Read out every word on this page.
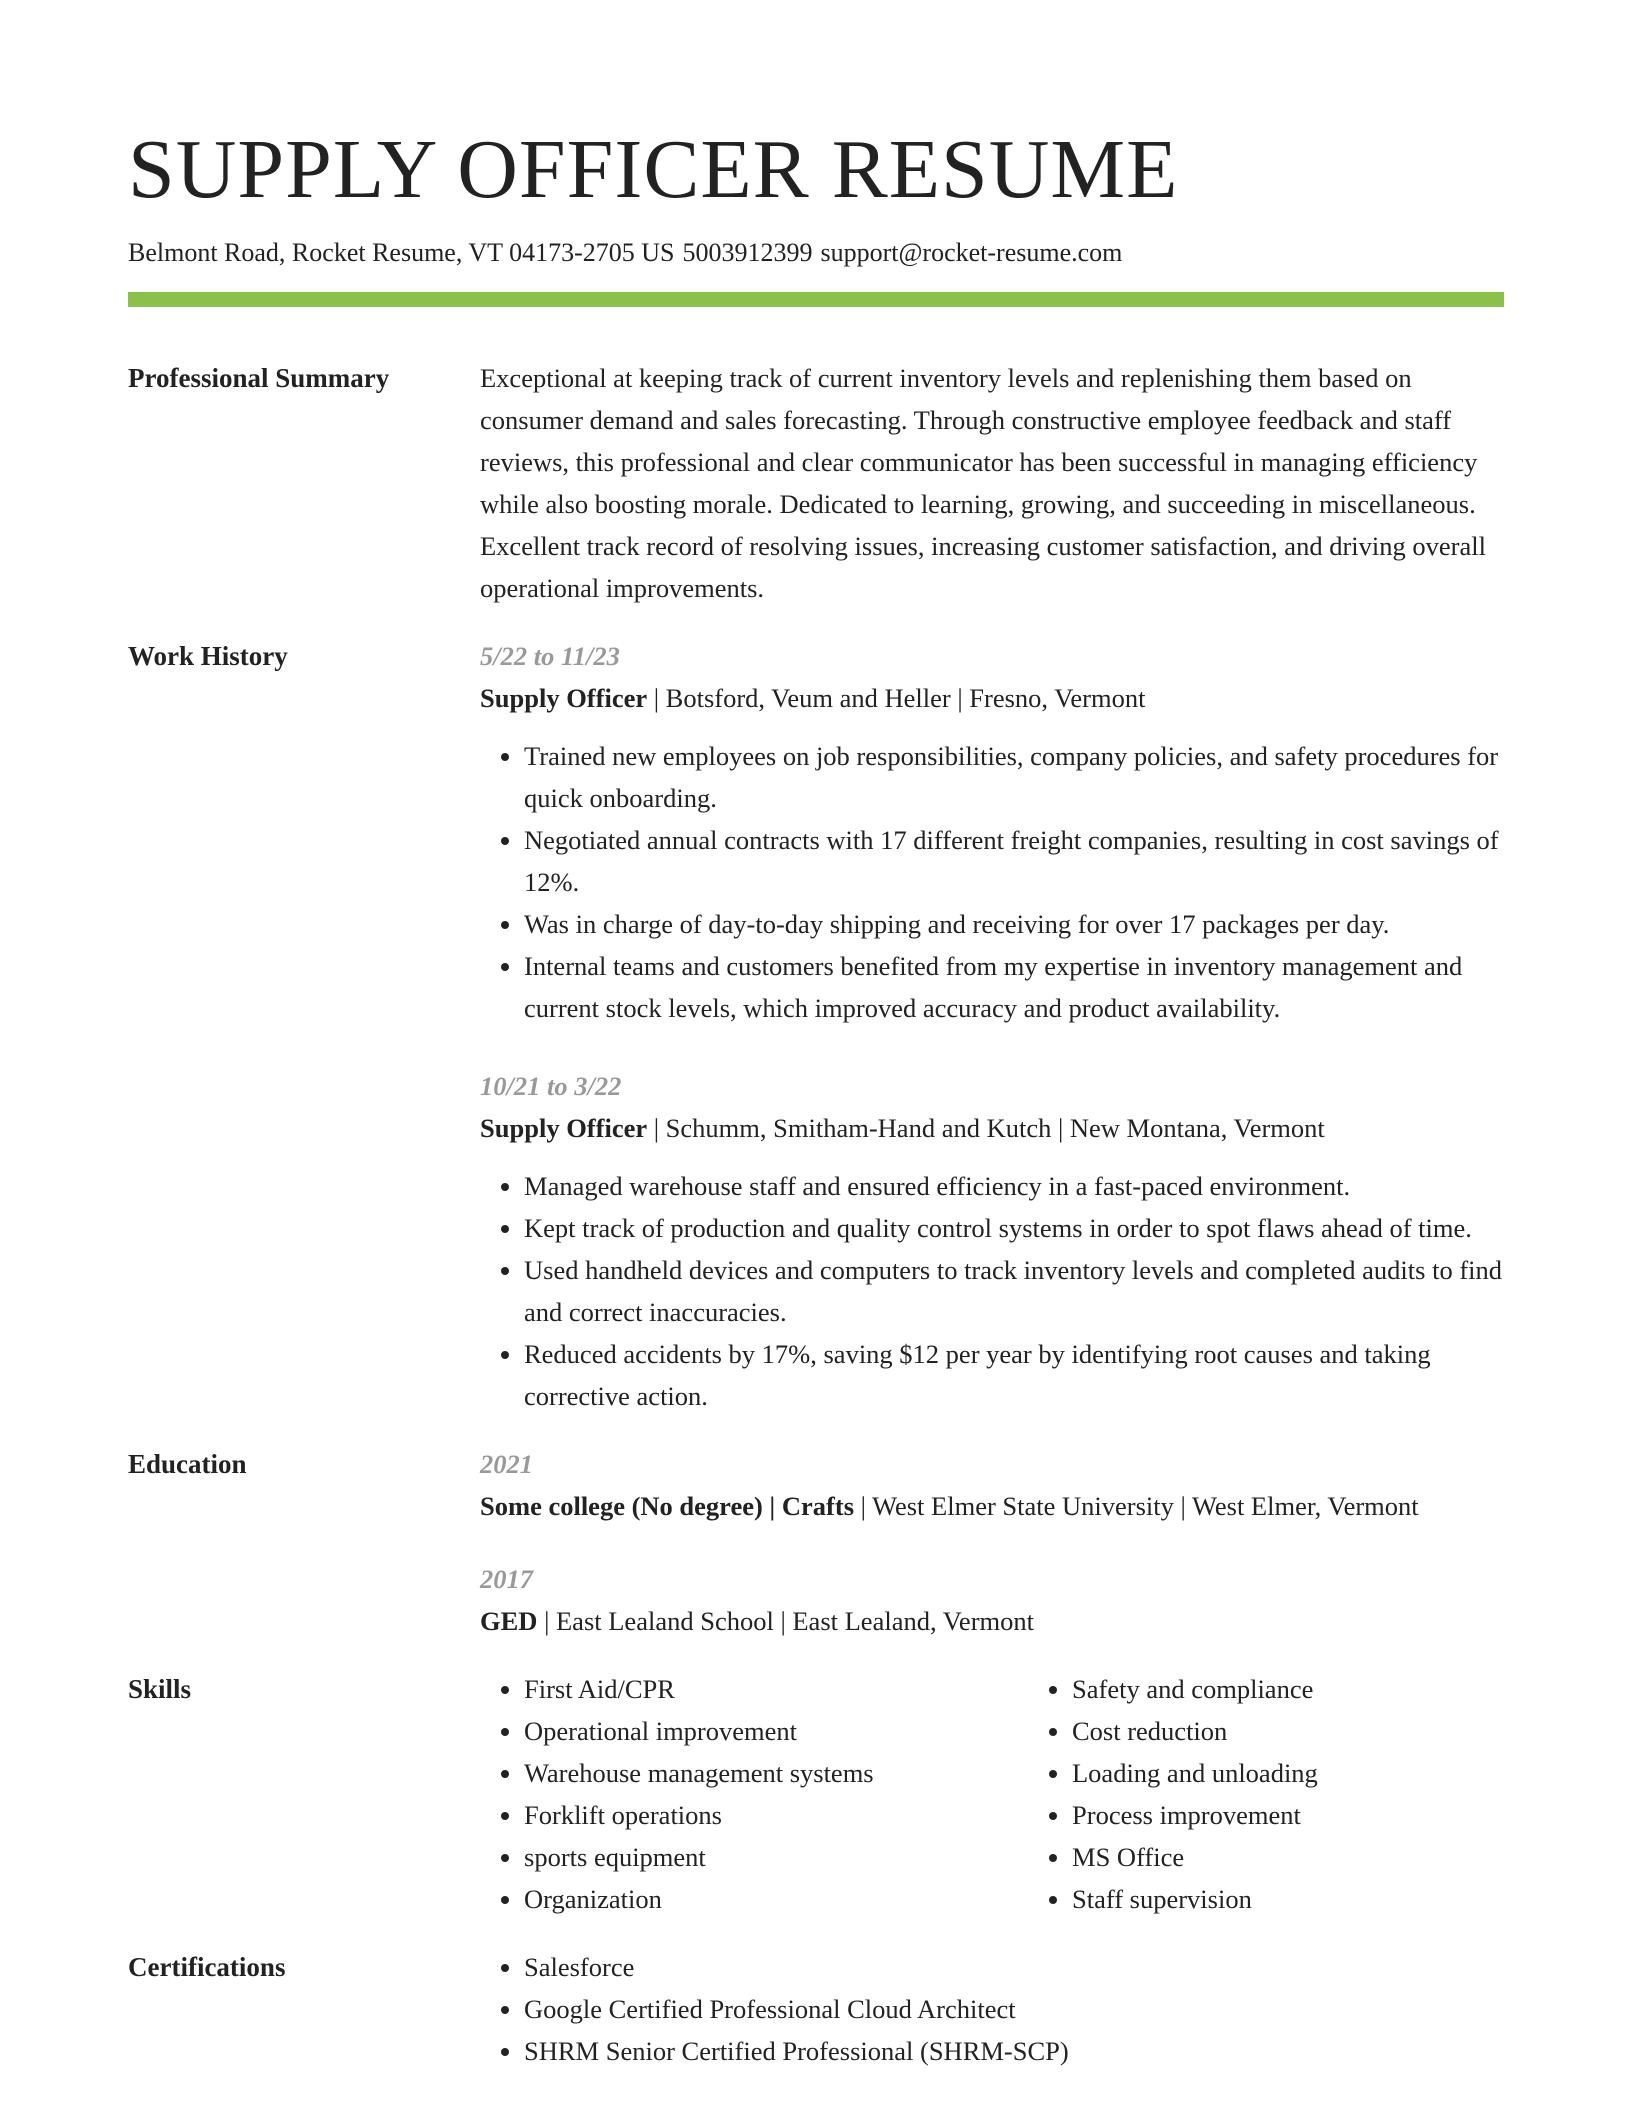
SUPPLY OFFICER RESUME
Belmont Road, Rocket Resume, VT 04173-2705 US 5003912399 support@rocket-resume.com
Professional Summary	Exceptional at keeping track of current inventory levels and replenishing them based on consumer demand and sales forecasting. Through constructive employee feedback and staff reviews, this professional and clear communicator has been successful in managing efficiency while also boosting morale. Dedicated to learning, growing, and succeeding in miscellaneous. Excellent track record of resolving issues, increasing customer satisfaction, and driving overall operational improvements.

Work History	5/22 to 11/23
Supply Officer | Botsford, Veum and Heller | Fresno, Vermont
• Trained new employees on job responsibilities, company policies, and safety procedures for quick onboarding.
• Negotiated annual contracts with 17 different freight companies, resulting in cost savings of 12%.
• Was in charge of day-to-day shipping and receiving for over 17 packages per day.
• Internal teams and customers benefited from my expertise in inventory management and current stock levels, which improved accuracy and product availability.
10/21 to 3/22
Supply Officer | Schumm, Smitham-Hand and Kutch | New Montana, Vermont
• Managed warehouse staff and ensured efficiency in a fast-paced environment.
• Kept track of production and quality control systems in order to spot flaws ahead of time.
• Used handheld devices and computers to track inventory levels and completed audits to find and correct inaccuracies.
• Reduced accidents by 17%, saving $12 per year by identifying root causes and taking corrective action.
Education	2021
Some college (No degree) | Crafts | West Elmer State University | West Elmer, Vermont
2017
GED | East Lealand School | East Lealand, Vermont
Skills	• First Aid/CPR
• Operational improvement
• Warehouse management systems
• Forklift operations
• sports equipment
• Organization
• Safety and compliance
• Cost reduction
• Loading and unloading
• Process improvement
• MS Office
• Staff supervision
Certifications	• Salesforce
• Google Certified Professional Cloud Architect
• SHRM Senior Certified Professional (SHRM-SCP)
